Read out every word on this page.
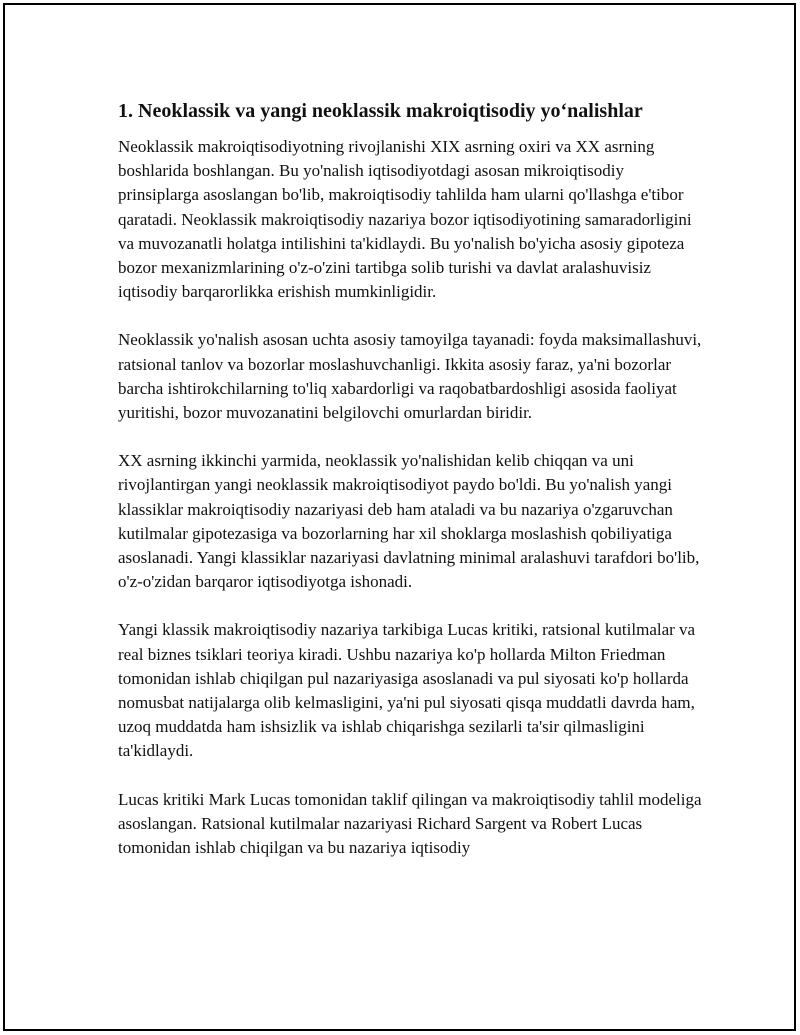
1. Neoklassik va yangi neoklassik makroiqtisodiy yo‘nalishlar

Neoklassik makroiqtisodiyotning rivojlanishi XIX asrning oxiri va XX asrning boshlarida boshlangan. Bu yo'nalish iqtisodiyotdagi asosan mikroiqtisodiy prinsiplarga asoslangan bo'lib, makroiqtisodiy tahlilda ham ularni qo'llashga e'tibor qaratadi. Neoklassik makroiqtisodiy nazariya bozor iqtisodiyotining samaradorligini va muvozanatli holatga intilishini ta'kidlaydi. Bu yo'nalish bo'yicha asosiy gipoteza bozor mexanizmlarining o'z-o'zini tartibga solib turishi va davlat aralashuvisiz iqtisodiy barqarorlikka erishish mumkinligidir.

Neoklassik yo'nalish asosan uchta asosiy tamoyilga tayanadi: foyda maksimallashuvi, ratsional tanlov va bozorlar moslashuvchanligi. Ikkita asosiy faraz, ya'ni bozorlar barcha ishtirokchilarning to'liq xabardorligi va raqobatbardoshligi asosida faoliyat yuritishi, bozor muvozanatini belgilovchi omurlardan biridir.

XX asrning ikkinchi yarmida, neoklassik yo'nalishidan kelib chiqqan va uni rivojlantirgan yangi neoklassik makroiqtisodiyot paydo bo'ldi. Bu yo'nalish yangi klassiklar makroiqtisodiy nazariyasi deb ham ataladi va bu nazariya o'zgaruvchan kutilmalar gipotezasiga va bozorlarning har xil shoklarga moslashish qobiliyatiga asoslanadi. Yangi klassiklar nazariyasi davlatning minimal aralashuvi tarafdori bo'lib, o'z-o'zidan barqaror iqtisodiyotga ishonadi.

Yangi klassik makroiqtisodiy nazariya tarkibiga Lucas kritiki, ratsional kutilmalar va real biznes tsiklari teoriya kiradi. Ushbu nazariya ko'p hollarda Milton Friedman tomonidan ishlab chiqilgan pul nazariyasiga asoslanadi va pul siyosati ko'p hollarda nomusbat natijalarga olib kelmasligini, ya'ni pul siyosati qisqa muddatli davrda ham, uzoq muddatda ham ishsizlik va ishlab chiqarishga sezilarli ta'sir qilmasligini ta'kidlaydi.

Lucas kritiki Mark Lucas tomonidan taklif qilingan va makroiqtisodiy tahlil modeliga asoslangan. Ratsional kutilmalar nazariyasi Richard Sargent va Robert Lucas tomonidan ishlab chiqilgan va bu nazariya iqtisodiy
